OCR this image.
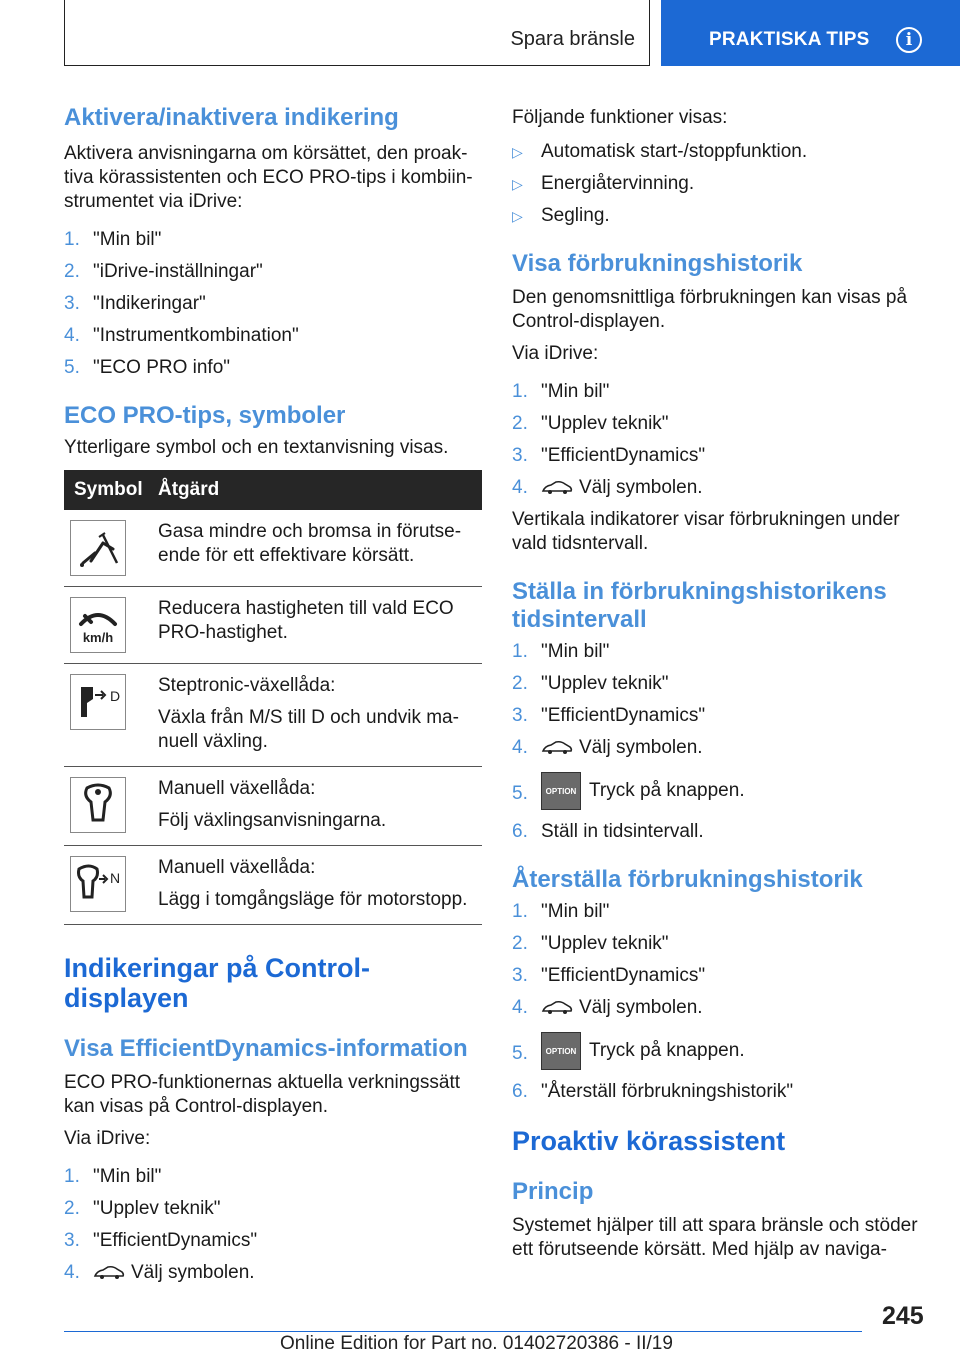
Spara bränsle	PRAKTISKA TIPS	i
Aktivera/inaktivera indikering

Aktivera anvisningarna om körsättet, den proak-tiva körassistenten och ECO PRO-tips i kombiin-strumentet via iDrive:

1. "Min bil"
2. "iDrive-inställningar"
3. "Indikeringar"
4. "Instrumentkombination"
5. "ECO PRO info"
ECO PRO-tips, symboler

Ytterligare symbol och en textanvisning visas.

Symbol	Åtgärd

Gasa mindre och bromsa in förutse-ende för ett effektivare körsätt.

km/h	Reducera hastigheten till vald ECO PRO-hastighet.

D	Steptronic-växellåda:

Växla från M/S till D och undvik ma-nuell växling.

Manuell växellåda:

Följ växlingsanvisningarna.

N	Manuell växellåda:

Lägg i tomgångsläge för motorstopp.

Indikeringar på Control-displayen
Visa EfficientDynamics-information

ECO PRO-funktionernas aktuella verkningssätt kan visas på Control-displayen.

Via iDrive:

1. "Min bil"
2. "Upplev teknik"
3. "EfficientDynamics"
4.	Välj symbolen.

Följande funktioner visas:

▷ Automatisk start-/stoppfunktion.
▷ Energiåtervinning.
▷ Segling.
Visa förbrukningshistorik

Den genomsnittliga förbrukningen kan visas på Control-displayen.

Via iDrive:

1. "Min bil"
2. "Upplev teknik"
3. "EfficientDynamics"
4.	Välj symbolen.

Vertikala indikatorer visar förbrukningen under vald tidsntervall.

Ställa in förbrukningshistorikens tidsintervall
1. "Min bil"
2. "Upplev teknik"
3. "EfficientDynamics"
4.	Välj symbolen.
5. OPTION Tryck på knappen.
6. Ställ in tidsintervall.
Återställa förbrukningshistorik
1. "Min bil"
2. "Upplev teknik"
3. "EfficientDynamics"
4.	Välj symbolen.
5. OPTION Tryck på knappen.
6. "Återställ förbrukningshistorik"
Proaktiv körassistent
Princip

Systemet hjälper till att spara bränsle och stöder ett förutseende körsätt. Med hjälp av naviga-

245
Online Edition for Part no. 01402720386 - II/19
